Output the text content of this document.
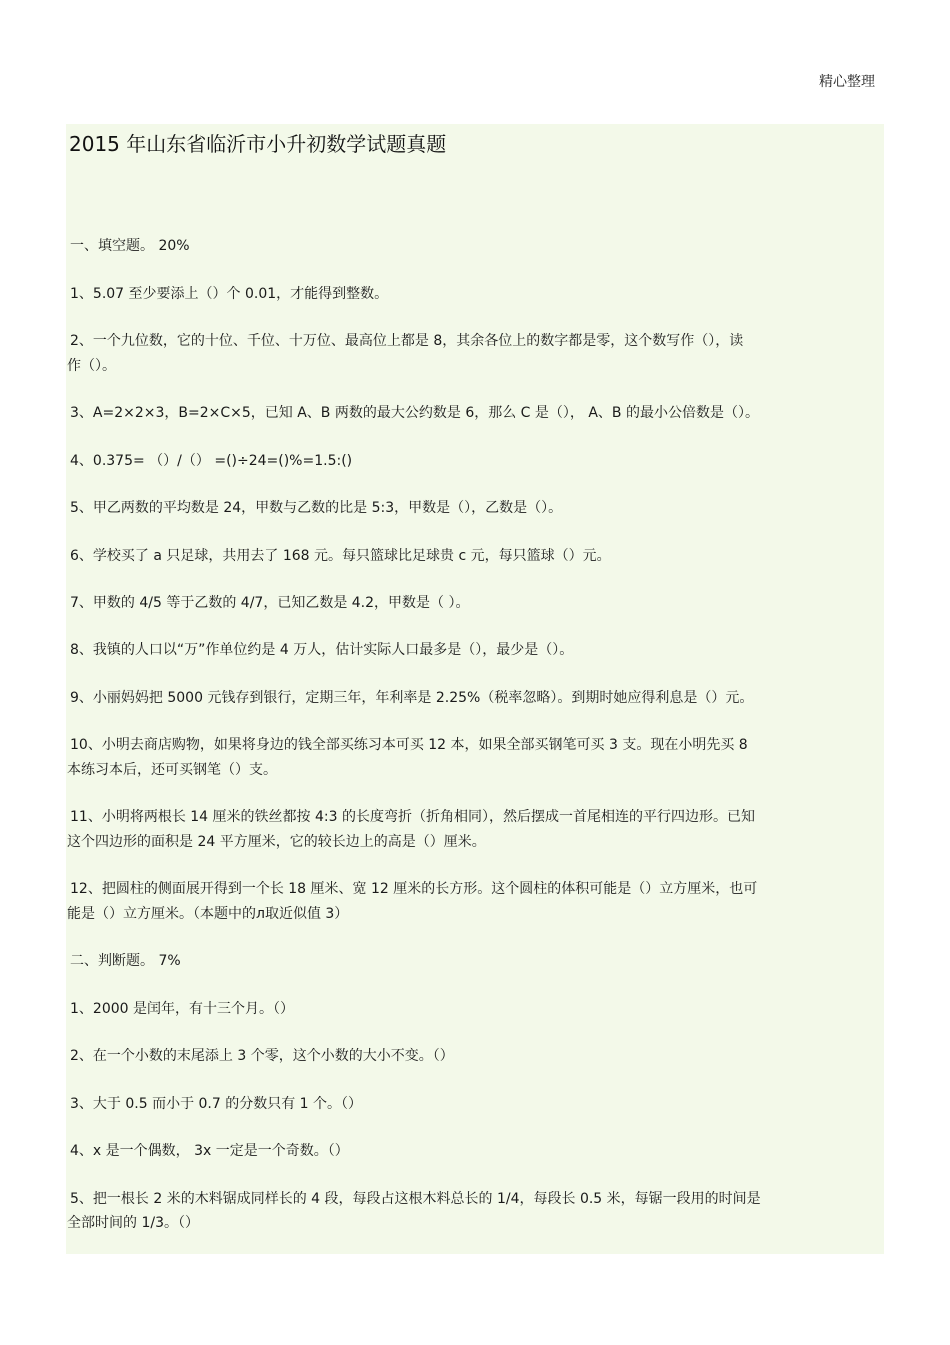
精心整理
2015 年山东省临沂市小升初数学试题真题
一、填空题。 20%
1、5.07 至少要添上（）个 0.01，才能得到整数。
2、一个九位数，它的十位、千位、十万位、最高位上都是 8，其余各位上的数字都是零，这个数写作（），读
作（）。
3、A=2×2×3，B=2×C×5，已知 A、B 两数的最大公约数是 6，那么 C 是（）， A、B 的最小公倍数是（）。
4、0.375= （）/（） =()÷24=()%=1.5:()
5、甲乙两数的平均数是 24，甲数与乙数的比是 5:3，甲数是（），乙数是（）。
6、学校买了 a 只足球，共用去了 168 元。每只篮球比足球贵 c 元，每只篮球（）元。
7、甲数的 4/5 等于乙数的 4/7，已知乙数是 4.2，甲数是（ ）。
8、我镇的人口以“万”作单位约是 4 万人，估计实际人口最多是（），最少是（）。
9、小丽妈妈把 5000 元钱存到银行，定期三年，年利率是 2.25%（税率忽略）。到期时她应得利息是（）元。
10、小明去商店购物，如果将身边的钱全部买练习本可买 12 本，如果全部买钢笔可买 3 支。现在小明先买 8
本练习本后，还可买钢笔（）支。
11、小明将两根长 14 厘米的铁丝都按 4:3 的长度弯折（折角相同），然后摆成一首尾相连的平行四边形。已知
这个四边形的面积是 24 平方厘米，它的较长边上的高是（）厘米。
12、把圆柱的侧面展开得到一个长 18 厘米、宽 12 厘米的长方形。这个圆柱的体积可能是（）立方厘米，也可
能是（）立方厘米。（本题中的л取近似值 3）
二、判断题。 7%
1、2000 是闰年，有十三个月。（）
2、在一个小数的末尾添上 3 个零，这个小数的大小不变。（）
3、大于 0.5 而小于 0.7 的分数只有 1 个。（）
4、x 是一个偶数， 3x 一定是一个奇数。（）
5、把一根长 2 米的木料锯成同样长的 4 段，每段占这根木料总长的 1/4，每段长 0.5 米，每锯一段用的时间是
全部时间的 1/3。（）
